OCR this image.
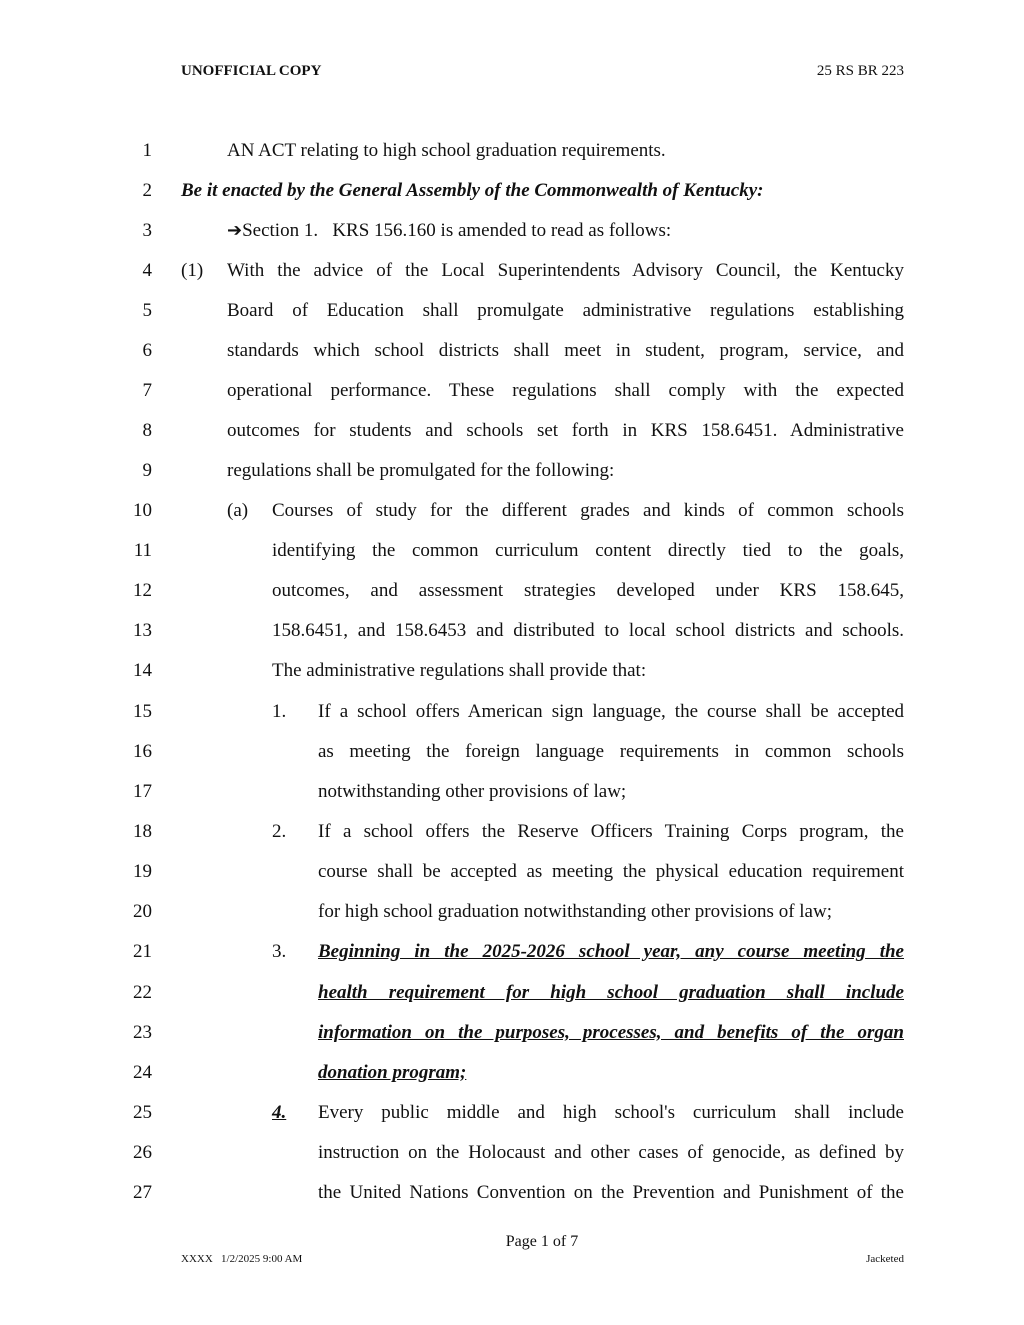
UNOFFICIAL COPY	25 RS BR 223
1
2
3
4
5
6
7
8
9
10
11
12
13
14
15
16
17
18
19
20
21
22
23
24
25
26
27
AN ACT relating to high school graduation requirements.
Be it enacted by the General Assembly of the Commonwealth of Kentucky:
➔Section 1.   KRS 156.160 is amended to read as follows:
(1) With the advice of the Local Superintendents Advisory Council, the Kentucky
Board of Education shall promulgate administrative regulations establishing
standards which school districts shall meet in student, program, service, and
operational performance. These regulations shall comply with the expected
outcomes for students and schools set forth in KRS 158.6451. Administrative
regulations shall be promulgated for the following:
(a) Courses of study for the different grades and kinds of common schools
identifying the common curriculum content directly tied to the goals,
outcomes, and assessment strategies developed under KRS 158.645,
158.6451, and 158.6453 and distributed to local school districts and schools.
The administrative regulations shall provide that:
1. If a school offers American sign language, the course shall be accepted
as meeting the foreign language requirements in common schools
notwithstanding other provisions of law;
2. If a school offers the Reserve Officers Training Corps program, the
course shall be accepted as meeting the physical education requirement
for high school graduation notwithstanding other provisions of law;
3. Beginning in the 2025-2026 school year, any course meeting the
health requirement for high school graduation shall include
information on the purposes, processes, and benefits of the organ
donation program;
4. Every public middle and high school's curriculum shall include
instruction on the Holocaust and other cases of genocide, as defined by
the United Nations Convention on the Prevention and Punishment of the
Page 1 of 7
XXXX   1/2/2025 9:00 AM	Jacketed
